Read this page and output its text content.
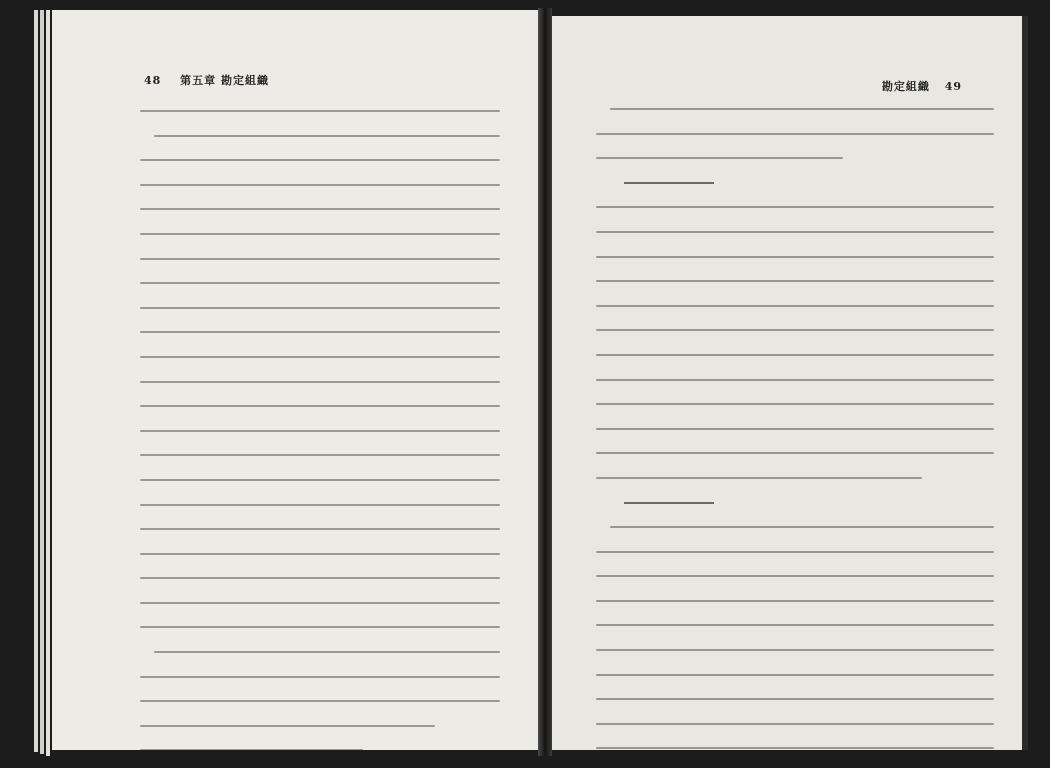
48 第五章 勘定組織	勘定組織 49
